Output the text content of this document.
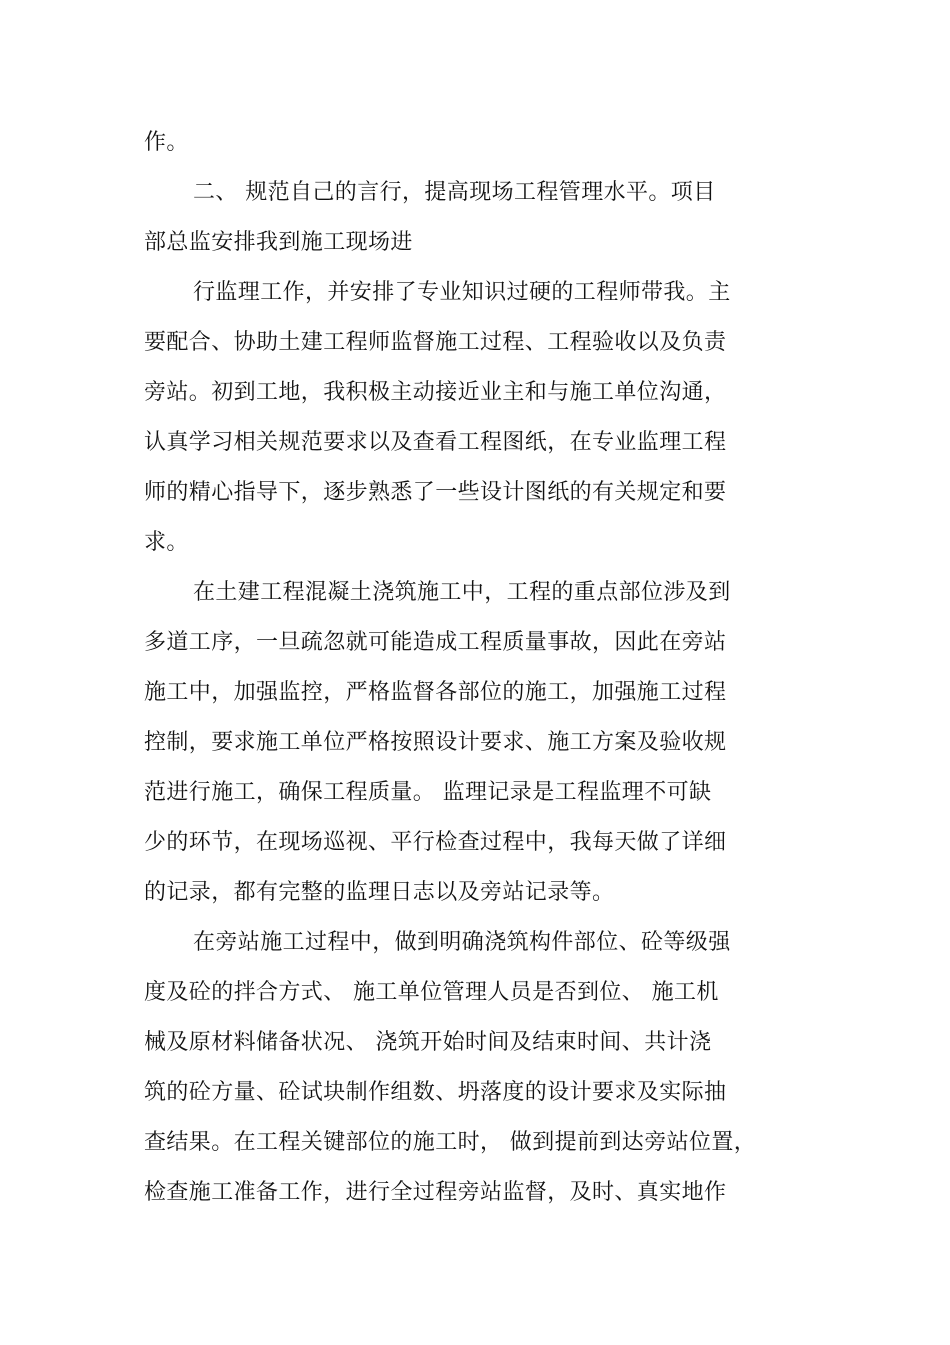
作。
二、 规范自己的言行，提高现场工程管理水平。项目
部总监安排我到施工现场进
行监理工作，并安排了专业知识过硬的工程师带我。主
要配合、协助土建工程师监督施工过程、工程验收以及负责
旁站。初到工地，我积极主动接近业主和与施工单位沟通，
认真学习相关规范要求以及查看工程图纸，在专业监理工程
师的精心指导下，逐步熟悉了一些设计图纸的有关规定和要
求。
在土建工程混凝土浇筑施工中，工程的重点部位涉及到
多道工序，一旦疏忽就可能造成工程质量事故，因此在旁站
施工中，加强监控，严格监督各部位的施工，加强施工过程
控制，要求施工单位严格按照设计要求、施工方案及验收规
范进行施工，确保工程质量。 监理记录是工程监理不可缺
少的环节，在现场巡视、平行检查过程中，我每天做了详细
的记录，都有完整的监理日志以及旁站记录等。
在旁站施工过程中，做到明确浇筑构件部位、砼等级强
度及砼的拌合方式、 施工单位管理人员是否到位、 施工机
械及原材料储备状况、 浇筑开始时间及结束时间、共计浇
筑的砼方量、砼试块制作组数、坍落度的设计要求及实际抽
查结果。在工程关键部位的施工时， 做到提前到达旁站位置，
检查施工准备工作，进行全过程旁站监督，及时、真实地作
